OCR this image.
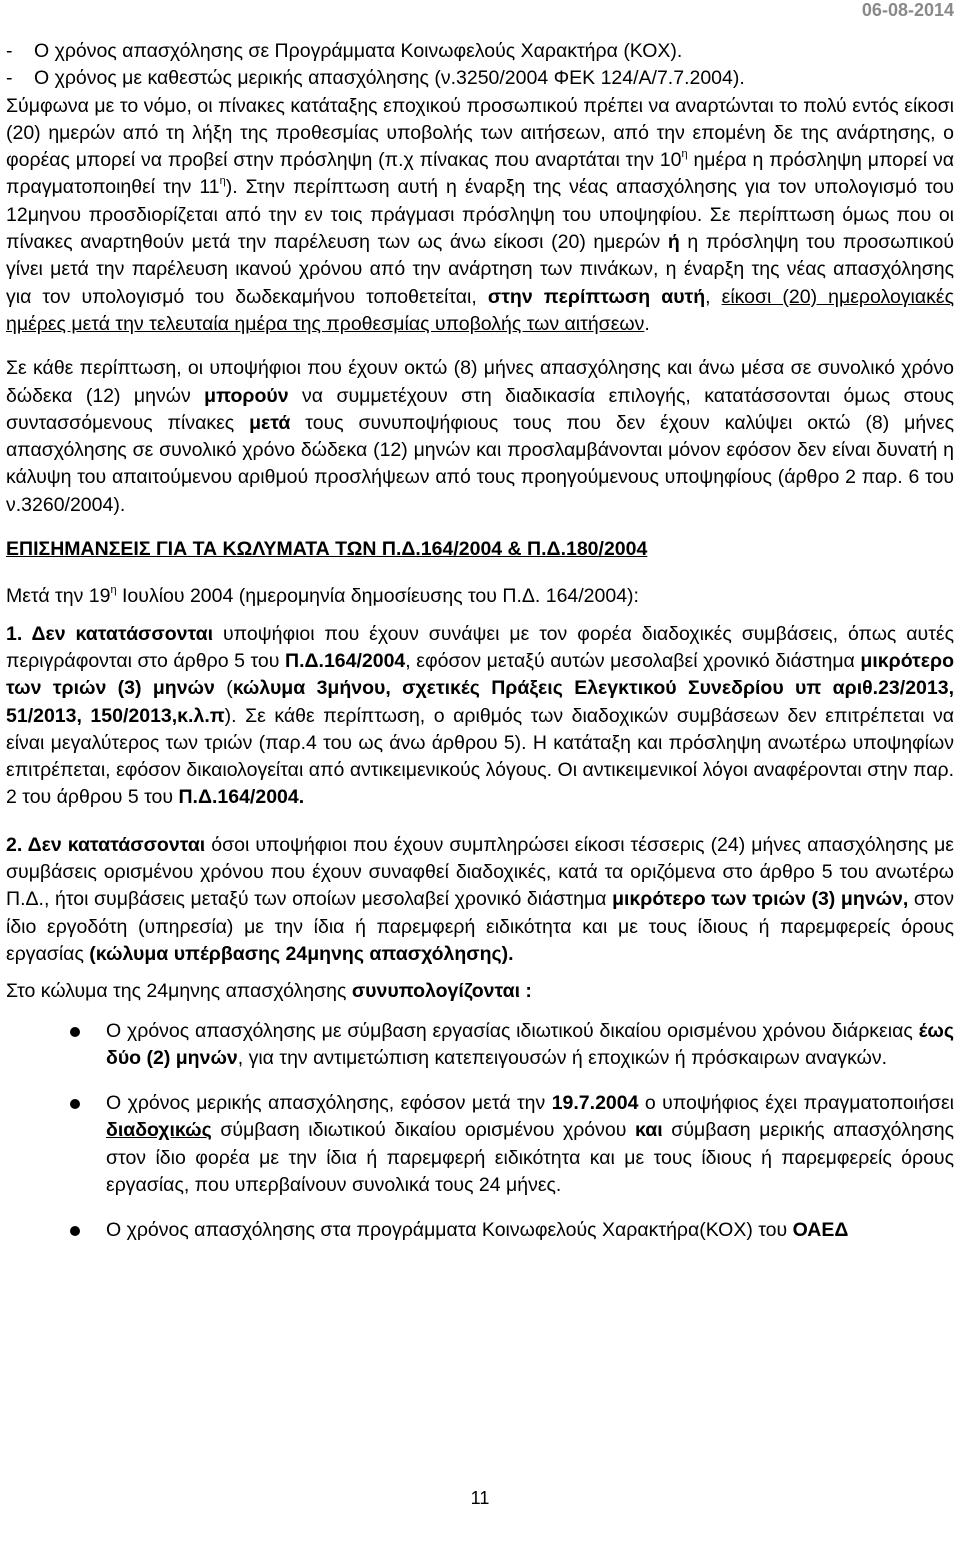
06-08-2014
- Ο χρόνος απασχόλησης σε Προγράμματα Κοινωφελούς Χαρακτήρα (ΚΟΧ).
- Ο χρόνος με καθεστώς μερικής απασχόλησης (ν.3250/2004 ΦΕΚ 124/Α/7.7.2004).

Σύμφωνα με το νόμο, οι πίνακες κατάταξης εποχικού προσωπικού πρέπει να αναρτώνται το πολύ εντός είκοσι (20) ημερών από τη λήξη της προθεσμίας υποβολής των αιτήσεων, από την επομένη δε της ανάρτησης, ο φορέας μπορεί να προβεί στην πρόσληψη (π.χ πίνακας που αναρτάται την $10^\eta$ ημέρα η πρόσληψη μπορεί να πραγματοποιηθεί την $11^\eta$). Στην περίπτωση αυτή η έναρξη της νέας απασχόλησης για τον υπολογισμό του 12μηνου προσδιορίζεται από την εν τοις πράγμασι πρόσληψη του υποψηφίου. Σε περίπτωση όμως που οι πίνακες αναρτηθούν μετά την παρέλευση των ως άνω είκοσι (20) ημερών ή η πρόσληψη του προσωπικού γίνει μετά την παρέλευση ικανού χρόνου από την ανάρτηση των πινάκων, η έναρξη της νέας απασχόλησης για τον υπολογισμό του δωδεκαμήνου τοποθετείται, στην περίπτωση αυτή, είκοσι (20) ημερολογιακές ημέρες μετά την τελευταία ημέρα της προθεσμίας υποβολής των αιτήσεων.

Σε κάθε περίπτωση, οι υποψήφιοι που έχουν οκτώ (8) μήνες απασχόλησης και άνω μέσα σε συνολικό χρόνο δώδεκα (12) μηνών μπορούν να συμμετέχουν στη διαδικασία επιλογής, κατατάσσονται όμως στους συντασσόμενους πίνακες μετά τους συνυποψήφιους τους που δεν έχουν καλύψει οκτώ (8) μήνες απασχόλησης σε συνολικό χρόνο δώδεκα (12) μηνών και προσλαμβάνονται μόνον εφόσον δεν είναι δυνατή η κάλυψη του απαιτούμενου αριθμού προσλήψεων από τους προηγούμενους υποψηφίους (άρθρο 2 παρ. 6 του ν.3260/2004).

ΕΠΙΣΗΜΑΝΣΕΙΣ ΓΙΑ ΤΑ ΚΩΛΥΜΑΤΑ ΤΩΝ Π.Δ.164/2004 & Π.Δ.180/2004

Μετά την $19^\eta$ Ιουλίου 2004 (ημερομηνία δημοσίευσης του Π.Δ. 164/2004):

1. Δεν κατατάσσονται υποψήφιοι που έχουν συνάψει με τον φορέα διαδοχικές συμβάσεις, όπως αυτές περιγράφονται στο άρθρο 5 του Π.Δ.164/2004, εφόσον μεταξύ αυτών μεσολαβεί χρονικό διάστημα μικρότερο των τριών (3) μηνών (κώλυμα 3μήνου, σχετικές Πράξεις Ελεγκτικού Συνεδρίου υπ αριθ.23/2013, 51/2013, 150/2013,κ.λ.π). Σε κάθε περίπτωση, ο αριθμός των διαδοχικών συμβάσεων δεν επιτρέπεται να είναι μεγαλύτερος των τριών (παρ.4 του ως άνω άρθρου 5). Η κατάταξη και πρόσληψη ανωτέρω υποψηφίων επιτρέπεται, εφόσον δικαιολογείται από αντικειμενικούς λόγους. Οι αντικειμενικοί λόγοι αναφέρονται στην παρ. 2 του άρθρου 5 του Π.Δ.164/2004.

2. Δεν κατατάσσονται όσοι υποψήφιοι που έχουν συμπληρώσει είκοσι τέσσερις (24) μήνες απασχόλησης με συμβάσεις ορισμένου χρόνου που έχουν συναφθεί διαδοχικές, κατά τα οριζόμενα στο άρθρο 5 του ανωτέρω Π.Δ., ήτοι συμβάσεις μεταξύ των οποίων μεσολαβεί χρονικό διάστημα μικρότερο των τριών (3) μηνών, στον ίδιο εργοδότη (υπηρεσία) με την ίδια ή παρεμφερή ειδικότητα και με τους ίδιους ή παρεμφερείς όρους εργασίας (κώλυμα υπέρβασης 24μηνης απασχόλησης).

Στο κώλυμα της 24μηνης απασχόλησης συνυπολογίζονται :

Ο χρόνος απασχόλησης με σύμβαση εργασίας ιδιωτικού δικαίου ορισμένου χρόνου διάρκειας έως δύο (2) μηνών, για την αντιμετώπιση κατεπειγουσών ή εποχικών ή πρόσκαιρων αναγκών.
Ο χρόνος μερικής απασχόλησης, εφόσον μετά την 19.7.2004 ο υποψήφιος έχει πραγματοποιήσει διαδοχικώς σύμβαση ιδιωτικού δικαίου ορισμένου χρόνου και σύμβαση μερικής απασχόλησης στον ίδιο φορέα με την ίδια ή παρεμφερή ειδικότητα και με τους ίδιους ή παρεμφερείς όρους εργασίας, που υπερβαίνουν συνολικά τους 24 μήνες.
Ο χρόνος απασχόλησης στα προγράμματα Κοινωφελούς Χαρακτήρα(ΚΟΧ) του ΟΑΕΔ
11
